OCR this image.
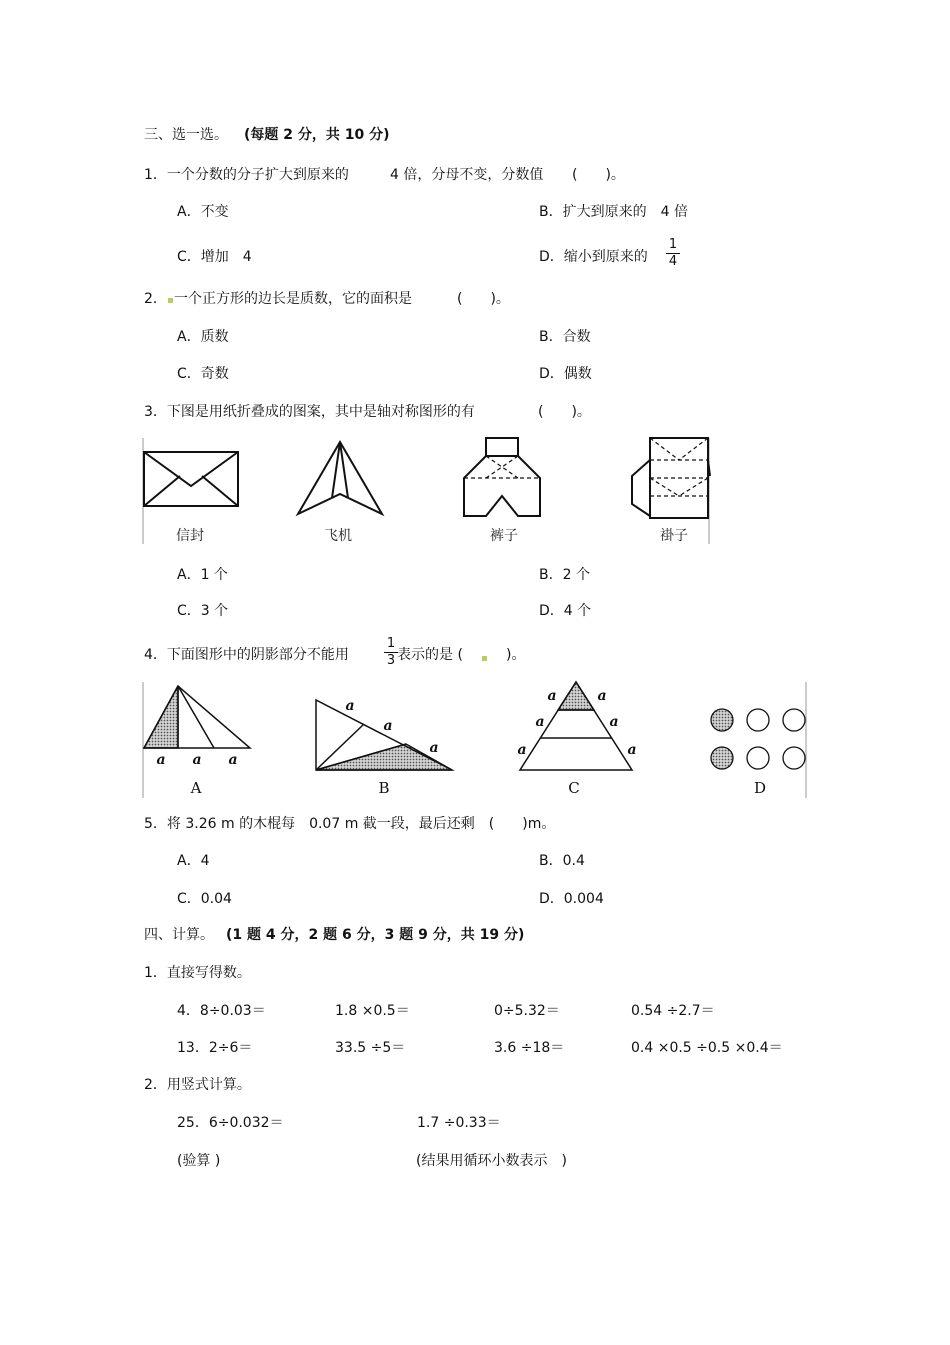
三、选一选。 (每题 2 分，共 10 分)
1．一个分数的分子扩大到原来的	4 倍，分母不变，分数值 (　　)。
A．不变	B．扩大到原来的　4 倍
C．增加　4	D．缩小到原来的
1
4
2． 一个正方形的边长是质数，它的面积是	(　　)。
A．质数	B．合数
C．奇数	D．偶数
3．下图是用纸折叠成的图案，其中是轴对称图形的有	(　　)。
信封	飞机	裤子	褂子
A．1 个	B．2 个
C．3 个	D．4 个
4．下面图形中的阴影部分不能用
1
3 表示的是 (	)。
a a a
a
a
a
a	a
a	a
a	a
A	B	C	D
5．将 3.26 m 的木棍每　0.07 m 截一段，最后还剩　(　　)m。
A．4	B．0.4
C．0.04	D．0.004
四、计算。 (1 题 4 分，2 题 6 分，3 题 9 分，共 19 分)
1．直接写得数。
4．8÷0.03＝	1.8 ×0.5＝	0÷5.32＝	0.54 ÷2.7＝
13．2÷6＝	33.5 ÷5＝	3.6 ÷18＝	0.4 ×0.5 ÷0.5 ×0.4＝
2．用竖式计算。
25．6÷0.032＝	1.7 ÷0.33＝
(验算 )	(结果用循环小数表示　)
